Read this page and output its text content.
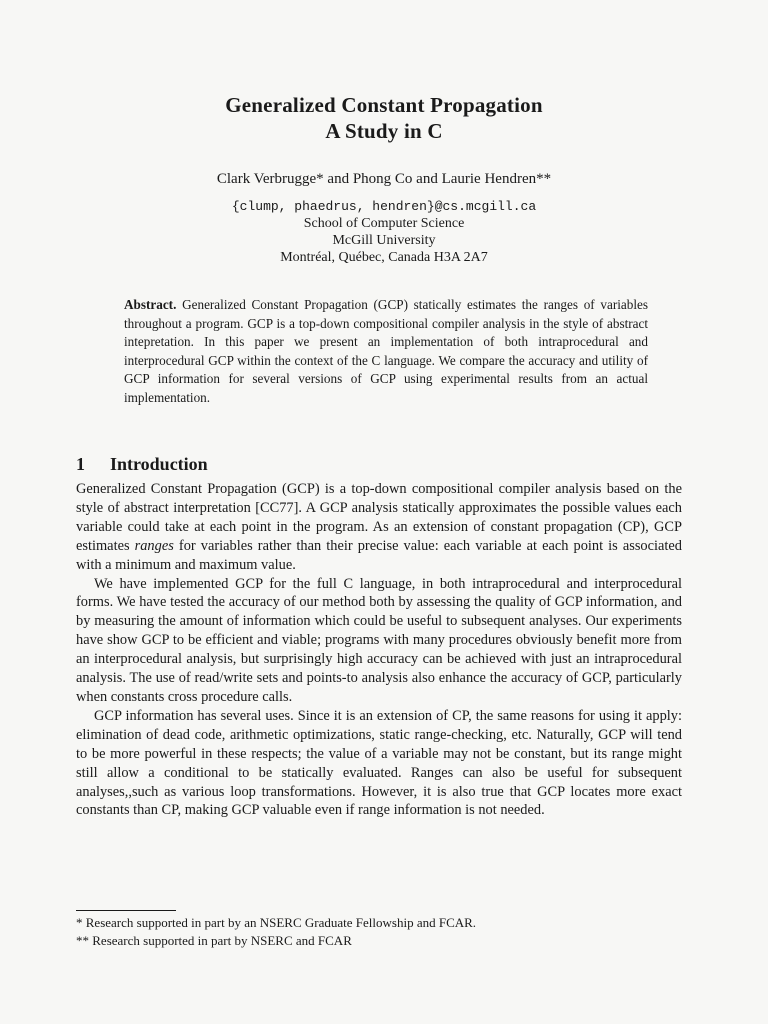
Generalized Constant Propagation
A Study in C
Clark Verbrugge* and Phong Co and Laurie Hendren**
{clump, phaedrus, hendren}@cs.mcgill.ca
School of Computer Science
McGill University
Montréal, Québec, Canada H3A 2A7
Abstract. Generalized Constant Propagation (GCP) statically estimates the ranges of variables throughout a program. GCP is a top-down compositional compiler analysis in the style of abstract intepretation. In this paper we present an implementation of both intraprocedural and interprocedural GCP within the context of the C language. We compare the accuracy and utility of GCP information for several versions of GCP using experimental results from an actual implementation.
1 Introduction

Generalized Constant Propagation (GCP) is a top-down compositional compiler analysis based on the style of abstract interpretation [CC77]. A GCP analysis statically approximates the possible values each variable could take at each point in the program. As an extension of constant propagation (CP), GCP estimates ranges for variables rather than their precise value: each variable at each point is associated with a minimum and maximum value.

We have implemented GCP for the full C language, in both intraprocedural and interprocedural forms. We have tested the accuracy of our method both by assessing the quality of GCP information, and by measuring the amount of information which could be useful to subsequent analyses. Our experiments have show GCP to be efficient and viable; programs with many procedures obviously benefit more from an interprocedural analysis, but surprisingly high accuracy can be achieved with just an intraprocedural analysis. The use of read/write sets and points-to analysis also enhance the accuracy of GCP, particularly when constants cross procedure calls.

GCP information has several uses. Since it is an extension of CP, the same reasons for using it apply: elimination of dead code, arithmetic optimizations, static range-checking, etc. Naturally, GCP will tend to be more powerful in these respects; the value of a variable may not be constant, but its range might still allow a conditional to be statically evaluated. Ranges can also be useful for subsequent analyses,,such as various loop transformations. However, it is also true that GCP locates more exact constants than CP, making GCP valuable even if range information is not needed.

* Research supported in part by an NSERC Graduate Fellowship and FCAR.
** Research supported in part by NSERC and FCAR
